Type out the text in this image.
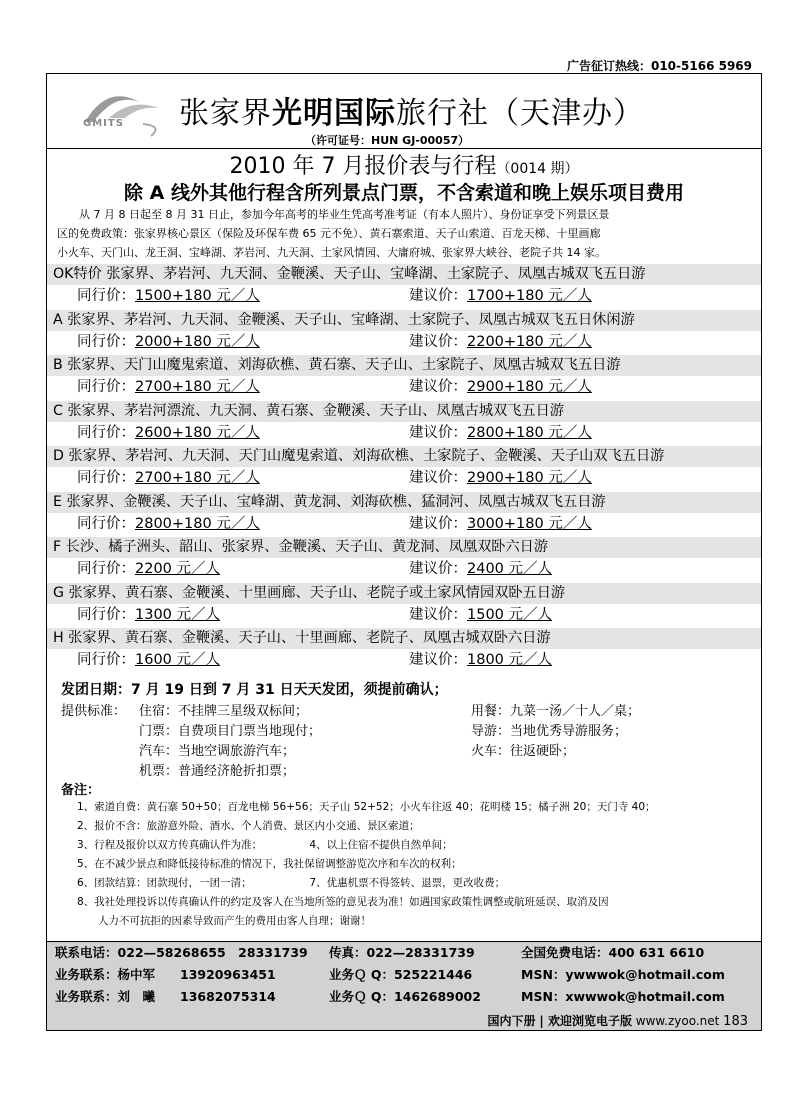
广告征订热线：010-5166 5969
GMITS 张家界光明国际旅行社（天津办）
（许可证号：HUN GJ-00057）
2010 年 7 月报价表与行程（0014 期）
除 A 线外其他行程含所列景点门票，不含索道和晚上娱乐项目费用

　　从 7 月 8 日起至 8 月 31 日止，参加今年高考的毕业生凭高考准考证（有本人照片）、身份证享受下列景区景

区的免费政策：张家界核心景区（保险及环保车费 65 元不免）、黄石寨索道、天子山索道、百龙天梯、十里画廊

小火车、天门山、龙王洞、宝峰湖、茅岩河、九天洞、土家风情园、大庸府城、张家界大峡谷、老院子共 14 家。

OK特价 张家界、茅岩河、九天洞、金鞭溪、天子山、宝峰湖、土家院子、凤凰古城双飞五日游
同行价：1500+180 元／人	建议价：1700+180 元／人
A 张家界、茅岩河、九天洞、金鞭溪、天子山、宝峰湖、土家院子、凤凰古城双飞五日休闲游
同行价：2000+180 元／人	建议价：2200+180 元／人
B 张家界、天门山魔鬼索道、刘海砍樵、黄石寨、天子山、土家院子、凤凰古城双飞五日游
同行价：2700+180 元／人	建议价：2900+180 元／人
C 张家界、茅岩河漂流、九天洞、黄石寨、金鞭溪、天子山、凤凰古城双飞五日游
同行价：2600+180 元／人	建议价：2800+180 元／人
D 张家界、茅岩河、九天洞、天门山魔鬼索道、刘海砍樵、土家院子、金鞭溪、天子山双飞五日游
同行价：2700+180 元／人	建议价：2900+180 元／人
E 张家界、金鞭溪、天子山、宝峰湖、黄龙洞、刘海砍樵、猛洞河、凤凰古城双飞五日游
同行价：2800+180 元／人	建议价：3000+180 元／人
F 长沙、橘子洲头、韶山、张家界、金鞭溪、天子山、黄龙洞、凤凰双卧六日游
同行价：2200 元／人	建议价：2400 元／人
G 张家界、黄石寨、金鞭溪、十里画廊、天子山、老院子或土家风情园双卧五日游
同行价：1300 元／人	建议价：1500 元／人
H 张家界、黄石寨、金鞭溪、天子山、十里画廊、老院子、凤凰古城双卧六日游
同行价：1600 元／人	建议价：1800 元／人
发团日期：7 月 19 日到 7 月 31 日天天发团，须提前确认；
提供标准： 住宿：不挂牌三星级双标间；	用餐：九菜一汤／十人／桌；
门票：自费项目门票当地现付；	导游：当地优秀导游服务；
汽车：当地空调旅游汽车；	火车：往返硬卧；
机票：普通经济舱折扣票；
备注：

1、索道自费：黄石寨 50+50；百龙电梯 56+56；天子山 52+52；小火车往返 40；花明楼 15；橘子洲 20；天门寺 40；

2、报价不含：旅游意外险、酒水、个人消费、景区内小交通、景区索道；

3、行程及报价以双方传真确认件为准；　　　　　4、以上住宿不提供自然单间；

5、在不减少景点和降低接待标准的情况下，我社保留调整游览次序和车次的权利；

6、团款结算：团款现付，一团一清；　　　　　　7、优惠机票不得签转、退票，更改收费；

8、我社处理投诉以传真确认件的约定及客人在当地所签的意见表为准！如遇国家政策性调整或航班延误、取消及因

　　人力不可抗拒的因素导致而产生的费用由客人自理；谢谢！

联系电话：022—58268655　28331739 传真：022—28331739	全国免费电话：400 631 6610
业务联系：杨中军　　13920963451	业务Ｑ Q：525221446	MSN：ywwwok@hotmail.com
业务联系：刘　曦　　13682075314	业务Ｑ Q：1462689002	MSN：xwwwok@hotmail.com
国内下册 | 欢迎浏览电子版 www.zyoo.net 183
